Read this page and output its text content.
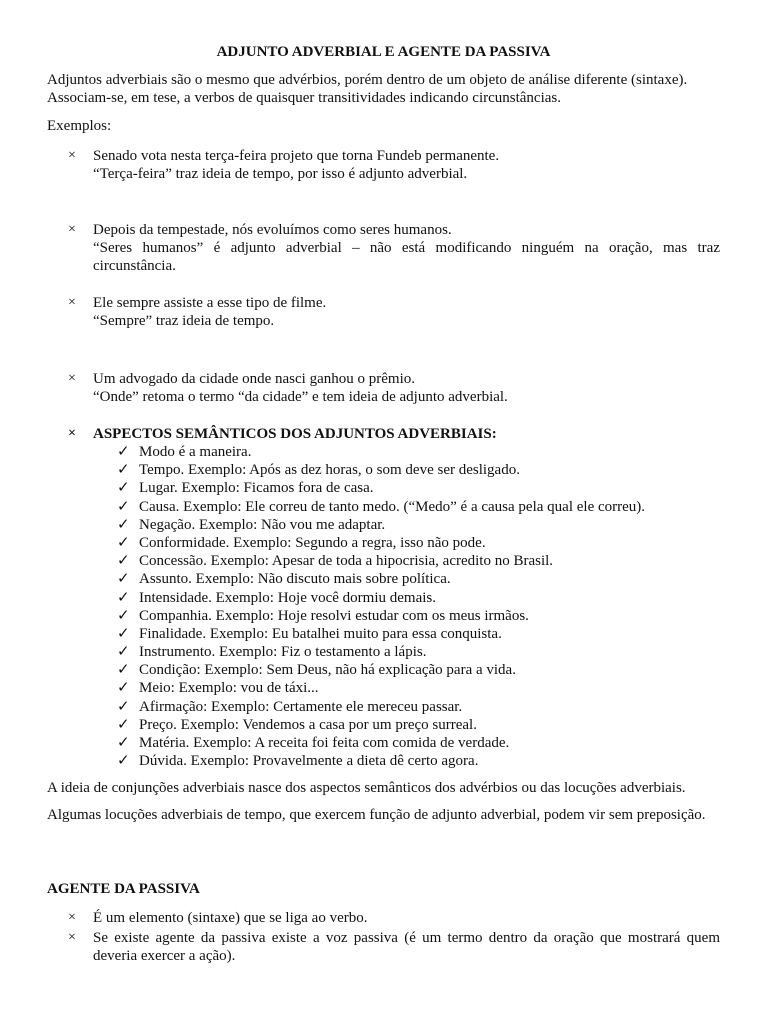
ADJUNTO ADVERBIAL E AGENTE DA PASSIVA
Adjuntos adverbiais são o mesmo que advérbios, porém dentro de um objeto de análise diferente (sintaxe).
Associam-se, em tese, a verbos de quaisquer transitividades indicando circunstâncias.
Exemplos:
× Senado vota nesta terça-feira projeto que torna Fundeb permanente.
“Terça-feira” traz ideia de tempo, por isso é adjunto adverbial.
× Depois da tempestade, nós evoluímos como seres humanos.
“Seres humanos” é adjunto adverbial – não está modificando ninguém na oração, mas traz circunstância.
× Ele sempre assiste a esse tipo de filme.
“Sempre” traz ideia de tempo.
× Um advogado da cidade onde nasci ganhou o prêmio.
“Onde” retoma o termo “da cidade” e tem ideia de adjunto adverbial.
× ASPECTOS SEMÂNTICOS DOS ADJUNTOS ADVERBIAIS:
✓ Modo é a maneira.
✓ Tempo. Exemplo: Após as dez horas, o som deve ser desligado.
✓ Lugar. Exemplo: Ficamos fora de casa.
✓ Causa. Exemplo: Ele correu de tanto medo. (“Medo” é a causa pela qual ele correu).
✓ Negação. Exemplo: Não vou me adaptar.
✓ Conformidade. Exemplo: Segundo a regra, isso não pode.
✓ Concessão. Exemplo: Apesar de toda a hipocrisia, acredito no Brasil.
✓ Assunto. Exemplo: Não discuto mais sobre política.
✓ Intensidade. Exemplo: Hoje você dormiu demais.
✓ Companhia. Exemplo: Hoje resolvi estudar com os meus irmãos.
✓ Finalidade. Exemplo: Eu batalhei muito para essa conquista.
✓ Instrumento. Exemplo: Fiz o testamento a lápis.
✓ Condição: Exemplo: Sem Deus, não há explicação para a vida.
✓ Meio: Exemplo: vou de táxi...
✓ Afirmação: Exemplo: Certamente ele mereceu passar.
✓ Preço. Exemplo: Vendemos a casa por um preço surreal.
✓ Matéria. Exemplo: A receita foi feita com comida de verdade.
✓ Dúvida. Exemplo: Provavelmente a dieta dê certo agora.
A ideia de conjunções adverbiais nasce dos aspectos semânticos dos advérbios ou das locuções adverbiais.
Algumas locuções adverbiais de tempo, que exercem função de adjunto adverbial, podem vir sem preposição.
AGENTE DA PASSIVA
× É um elemento (sintaxe) que se liga ao verbo.
× Se existe agente da passiva existe a voz passiva (é um termo dentro da oração que mostrará quem deveria exercer a ação).
